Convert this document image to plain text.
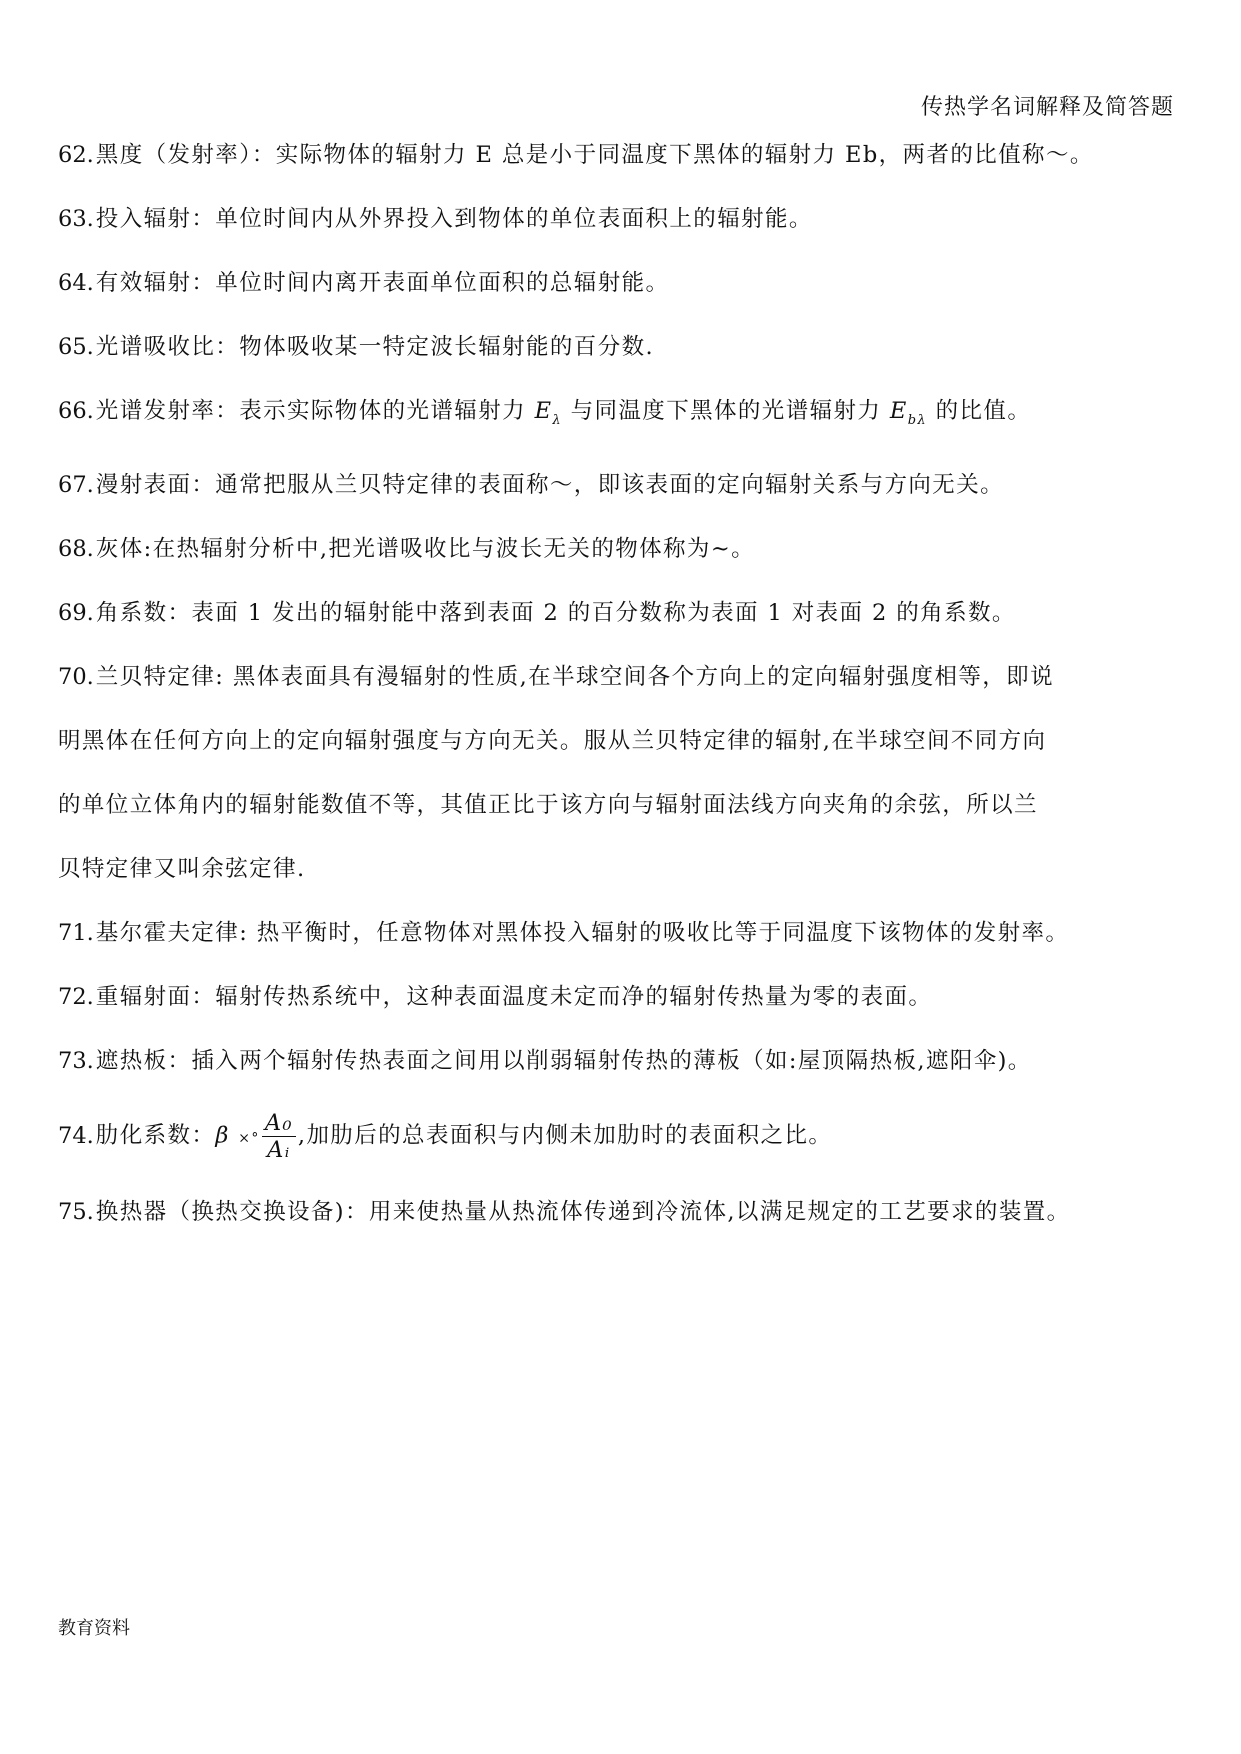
传热学名词解释及简答题

62.黑度（发射率）：实际物体的辐射力 E 总是小于同温度下黑体的辐射力 Eb，两者的比值称～。

63.投入辐射：单位时间内从外界投入到物体的单位表面积上的辐射能。

64.有效辐射：单位时间内离开表面单位面积的总辐射能。

65.光谱吸收比：物体吸收某一特定波长辐射能的百分数.

66.光谱发射率：表示实际物体的光谱辐射力 $E_\lambda$ 与同温度下黑体的光谱辐射力 $E_{b\lambda}$ 的比值。

67.漫射表面：通常把服从兰贝特定律的表面称～，即该表面的定向辐射关系与方向无关。

68.灰体:在热辐射分析中,把光谱吸收比与波长无关的物体称为~。

69.角系数：表面 1 发出的辐射能中落到表面 2 的百分数称为表面 1 对表面 2 的角系数。

70.兰贝特定律: 黑体表面具有漫辐射的性质,在半球空间各个方向上的定向辐射强度相等，即说
明黑体在任何方向上的定向辐射强度与方向无关。服从兰贝特定律的辐射,在半球空间不同方向
的单位立体角内的辐射能数值不等，其值正比于该方向与辐射面法线方向夹角的余弦，所以兰
贝特定律又叫余弦定律.

71.基尔霍夫定律: 热平衡时，任意物体对黑体投入辐射的吸收比等于同温度下该物体的发射率。

72.重辐射面：辐射传热系统中，这种表面温度未定而净的辐射传热量为零的表面。

73.遮热板：插入两个辐射传热表面之间用以削弱辐射传热的薄板（如:屋顶隔热板,遮阳伞)。

74.肋化系数：β ×° $\frac{\text{A₀}}{\text{Aᵢ}}$ ,加肋后的总表面积与内侧未加肋时的表面积之比。

75.换热器（换热交换设备)：用来使热量从热流体传递到冷流体,以满足规定的工艺要求的装置。

教育资料
